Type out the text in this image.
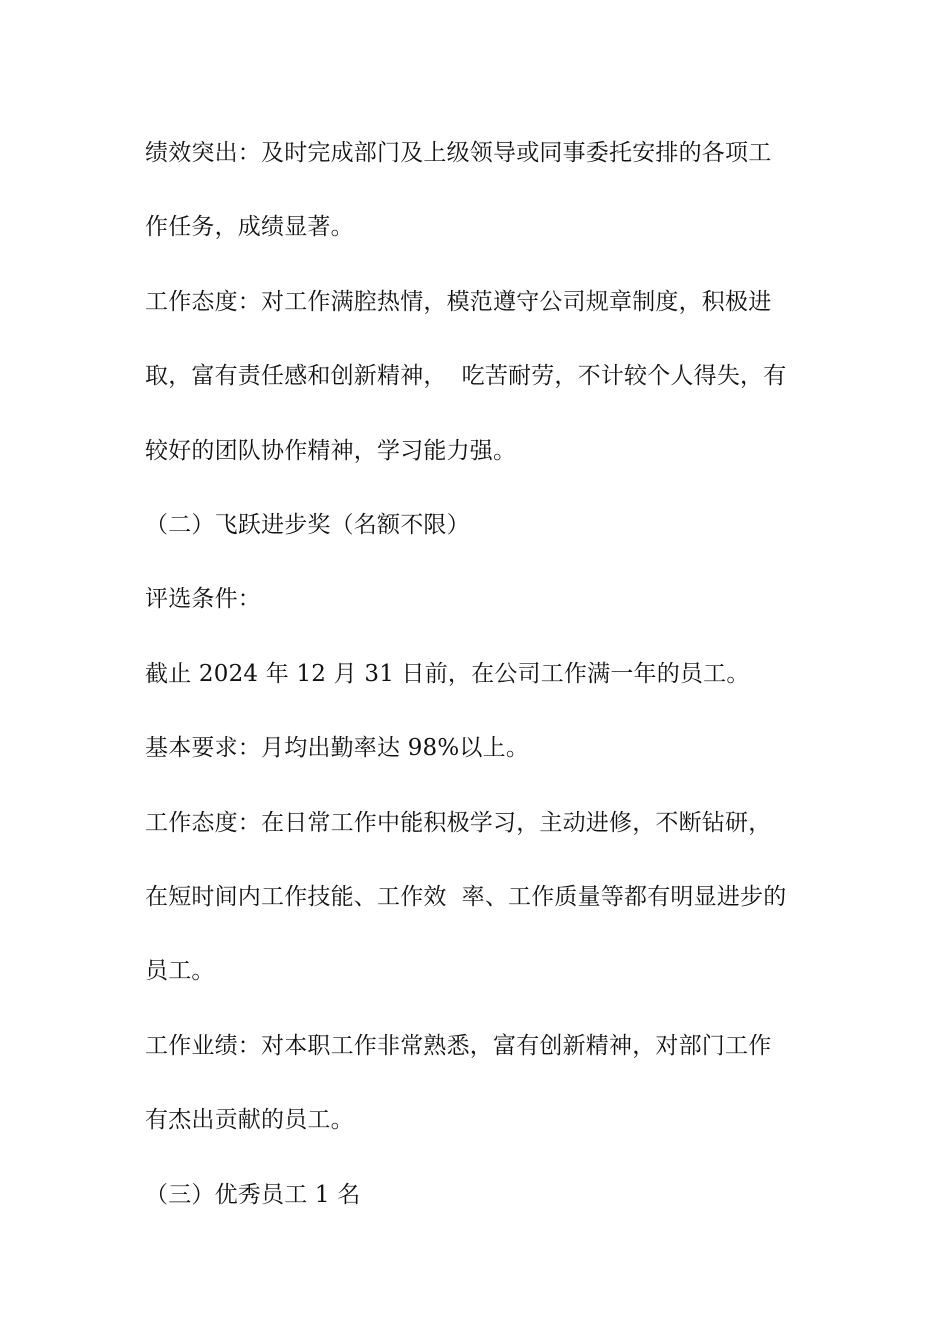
绩效突出：及时完成部门及上级领导或同事委托安排的各项工
作任务，成绩显著。
工作态度：对工作满腔热情，模范遵守公司规章制度，积极进
取，富有责任感和创新精神，  吃苦耐劳，不计较个人得失，有
较好的团队协作精神，学习能力强。
（二）飞跃进步奖（名额不限）
评选条件：
截止 2024 年 12 月 31 日前，在公司工作满一年的员工。
基本要求：月均出勤率达 98%以上。
工作态度：在日常工作中能积极学习，主动进修，不断钻研，
在短时间内工作技能、工作效  率、工作质量等都有明显进步的
员工。
工作业绩：对本职工作非常熟悉，富有创新精神，对部门工作
有杰出贡献的员工。
（三）优秀员工 1 名
